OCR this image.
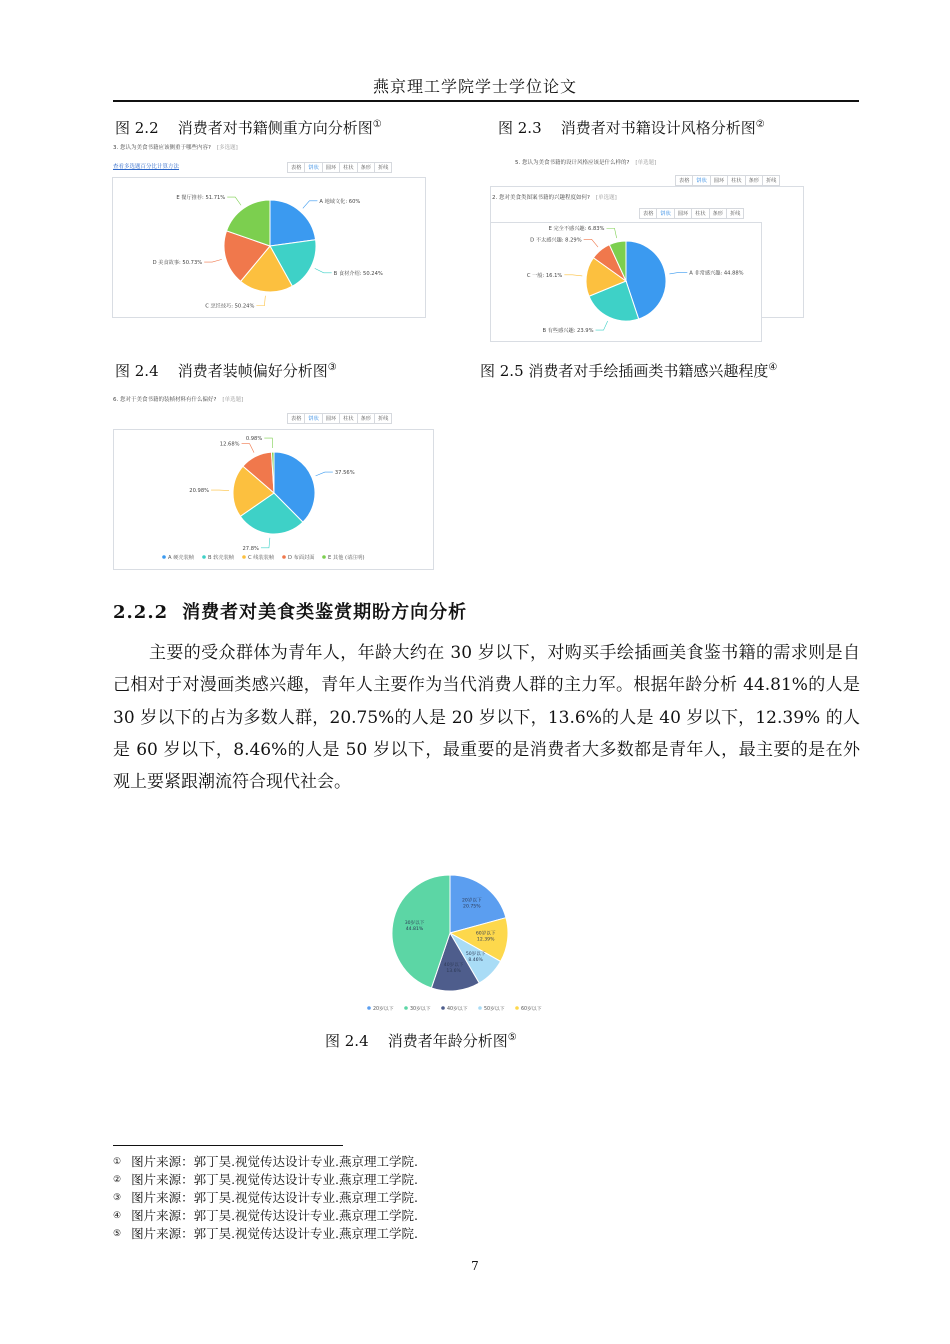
燕京理工学院学士学位论文
图 2.2 消费者对书籍侧重方向分析图①	图 2.3 消费者对书籍设计风格分析图②
3. 您认为美食书籍应该侧重于哪些内容? [多选题]
查看多选题百分比计算方法	表格	饼状	圆环	柱状	条形	折线
A 地域文化: 60%
B 食材介绍: 50.24%
C 烹饪技巧: 50.24%
D 美食故事: 50.73%
E 餐厅推荐: 51.71%
5. 您认为美食书籍的设计风格应该是什么样的? [单选题]
表格	饼状	圆环	柱状	条形	折线
2. 您对美食类图案书籍的兴趣程度如何? [单选题]
表格	饼状	圆环	柱状	条形	折线
A 非常感兴趣: 44.88%
B 有些感兴趣: 23.9%
C 一般: 16.1%
D 不太感兴趣: 8.29%
E 完全不感兴趣: 6.83%
图 2.4 消费者装帧偏好分析图③	图 2.5 消费者对手绘插画类书籍感兴趣程度④
6. 您对于美食书籍的装帧材料有什么偏好? [单选题]
表格	饼状	圆环	柱状	条形	折线
37.56%
27.8%
20.98%
12.68%
0.98%
A 硬壳装帧	B 软壳装帧	C 线装装帧	D 布面封面	E 其他 (请注明)
2.2.2 消费者对美食类鉴赏期盼方向分析

主要的受众群体为青年人，年龄大约在 30 岁以下，对购买手绘插画美食鉴书籍的需求则是自己相对于对漫画类感兴趣，青年人主要作为当代消费人群的主力军。根据年龄分析 44.81%的人是 30 岁以下的占为多数人群，20.75%的人是 20 岁以下，13.6%的人是 40 岁以下，12.39% 的人是 60 岁以下，8.46%的人是 50 岁以下，最重要的是消费者大多数都是青年人，最主要的是在外观上要紧跟潮流符合现代社会。

20岁以下
20.75%
60岁以下
12.39%
50岁以下
8.46%
40岁以下
13.6%
30岁以下
44.81%
20岁以下	30岁以下	40岁以下	50岁以下	60岁以下
图 2.4 消费者年龄分析图⑤
① 图片来源：郭丁昊.视觉传达设计专业.燕京理工学院.
② 图片来源：郭丁昊.视觉传达设计专业.燕京理工学院.
③ 图片来源：郭丁昊.视觉传达设计专业.燕京理工学院.
④ 图片来源：郭丁昊.视觉传达设计专业.燕京理工学院.
⑤ 图片来源：郭丁昊.视觉传达设计专业.燕京理工学院.
7
